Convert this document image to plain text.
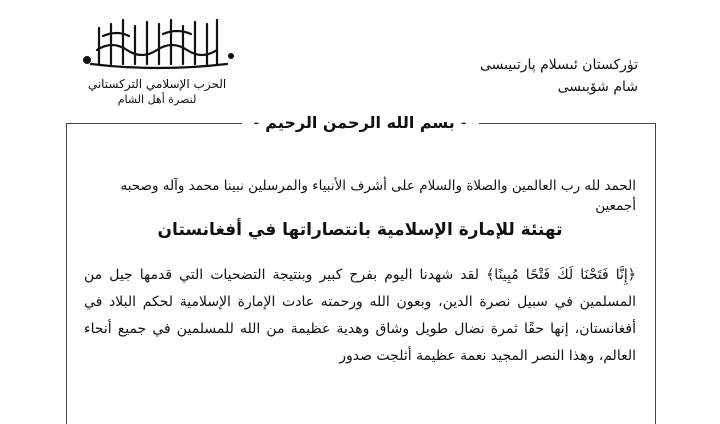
الحزب الإسلامي التركستاني
لنصرة أهل الشام
تۈركستان ئىسلام پارتىيىسى
شام شۆبىسى
-بسم الله الرحمن الرحيم-
الحمد لله رب العالمين والصلاة والسلام على أشرف الأنبياء والمرسلين نبينا محمد وآله وصحبه أجمعين
تهنئة للإمارة الإسلامية بانتصاراتها في أفغانستان
﴿إِنَّا فَتَحْنَا لَكَ فَتْحًا مُبِينًا﴾ لقد شهدنا اليوم بفرح كبير وبنتيجة التضحيات التي قدمها جيل من المسلمين في سبيل نصرة الدين، وبعون الله ورحمته عادت الإمارة الإسلامية لحكم البلاد في أفغانستان، إنها حقًا ثمرة نضال طويل وشاق وهدية عظيمة من الله للمسلمين في جميع أنحاء العالم، وهذا النصر المجيد نعمة عظيمة أثلجت صدور
